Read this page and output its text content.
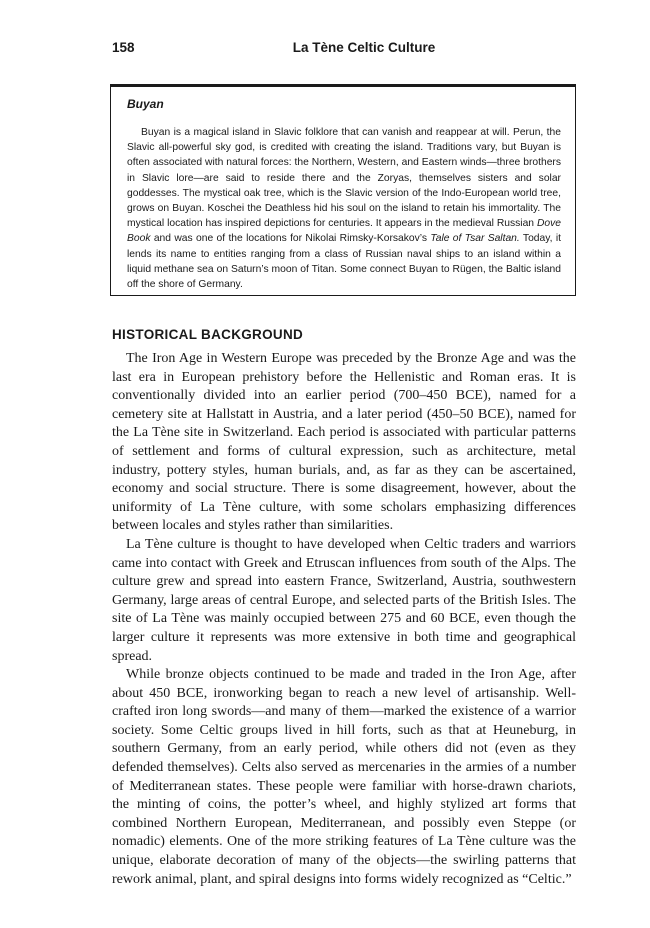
158	La Tène Celtic Culture
Buyan

Buyan is a magical island in Slavic folklore that can vanish and reappear at will. Perun, the Slavic all-powerful sky god, is credited with creating the island. Traditions vary, but Buyan is often associated with natural forces: the Northern, Western, and Eastern winds—three brothers in Slavic lore—are said to reside there and the Zoryas, themselves sisters and solar goddesses. The mystical oak tree, which is the Slavic version of the Indo-European world tree, grows on Buyan. Koschei the Deathless hid his soul on the island to retain his immortality. The mystical location has inspired depictions for centuries. It appears in the medieval Russian Dove Book and was one of the locations for Nikolai Rimsky-Korsakov’s Tale of Tsar Saltan. Today, it lends its name to entities ranging from a class of Russian naval ships to an island within a liquid methane sea on Saturn’s moon of Titan. Some connect Buyan to Rügen, the Baltic island off the shore of Germany.

HISTORICAL BACKGROUND

The Iron Age in Western Europe was preceded by the Bronze Age and was the last era in European prehistory before the Hellenistic and Roman eras. It is conventionally divided into an earlier period (700–450 BCE), named for a cemetery site at Hallstatt in Austria, and a later period (450–50 BCE), named for the La Tène site in Switzerland. Each period is associated with particular patterns of settlement and forms of cultural expression, such as architecture, metal industry, pottery styles, human burials, and, as far as they can be ascertained, economy and social structure. There is some disagreement, however, about the uniformity of La Tène culture, with some scholars emphasizing differences between locales and styles rather than similarities.

La Tène culture is thought to have developed when Celtic traders and warriors came into contact with Greek and Etruscan influences from south of the Alps. The culture grew and spread into eastern France, Switzerland, Austria, southwestern Germany, large areas of central Europe, and selected parts of the British Isles. The site of La Tène was mainly occupied between 275 and 60 BCE, even though the larger culture it represents was more extensive in both time and geographical spread.

While bronze objects continued to be made and traded in the Iron Age, after about 450 BCE, ironworking began to reach a new level of artisanship. Well-crafted iron long swords—and many of them—marked the existence of a warrior society. Some Celtic groups lived in hill forts, such as that at Heuneburg, in southern Germany, from an early period, while others did not (even as they defended themselves). Celts also served as mercenaries in the armies of a number of Mediterranean states. These people were familiar with horse-drawn chariots, the minting of coins, the potter’s wheel, and highly stylized art forms that combined Northern European, Mediterranean, and possibly even Steppe (or nomadic) elements. One of the more striking features of La Tène culture was the unique, elaborate decoration of many of the objects—the swirling patterns that rework animal, plant, and spiral designs into forms widely recognized as “Celtic.”
